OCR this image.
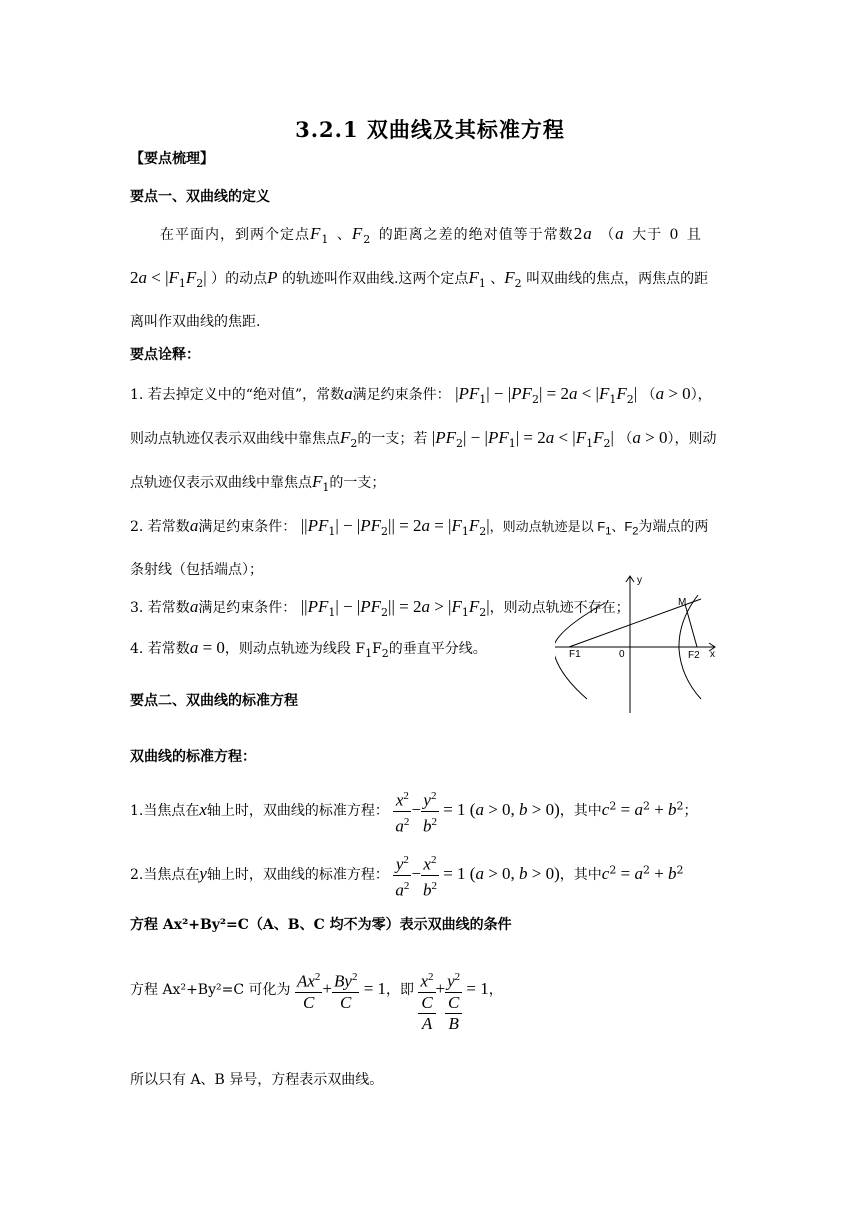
3.2.1 双曲线及其标准方程
【要点梳理】
要点一、双曲线的定义
在平面内，到两个定点$F_1$ 、$F_2$ 的距离之差的绝对值等于常数2a （a 大于 0 且
$2a < |F_1F_2|$ ）的动点P 的轨迹叫作双曲线.这两个定点$F_1$ 、$F_2$ 叫双曲线的焦点，两焦点的距
离叫作双曲线的焦距.
要点诠释：
1. 若去掉定义中的“绝对值”，常数a满足约束条件： $|PF_1| - |PF_2| = 2a < |F_1F_2|$ （a > 0），
则动点轨迹仅表示双曲线中靠焦点$F_2$的一支；若 $|PF_2| - |PF_1| = 2a < |F_1F_2|$ （a > 0），则动
点轨迹仅表示双曲线中靠焦点$F_1$的一支；
2. 若常数a满足约束条件： $||PF_1| - |PF_2|| = 2a = |F_1F_2|$，则动点轨迹是以 $F_1$、$F_2$为端点的两
条射线（包括端点）；
3. 若常数a满足约束条件： $||PF_1| - |PF_2|| = 2a > |F_1F_2|$，则动点轨迹不存在；
4. 若常数a = 0，则动点轨迹为线段 $F_1F_2$的垂直平分线。
y
x
M
F1	0	F2
要点二、双曲线的标准方程
双曲线的标准方程：
1.当焦点在x轴上时，双曲线的标准方程： $\frac{x^2}{a^2} - \frac{y^2}{b^2} = 1$ (a > 0, b > 0)，其中$c^2 = a^2 + b^2$；
2.当焦点在y轴上时，双曲线的标准方程： $\frac{y^2}{a^2} - \frac{x^2}{b^2} = 1$ (a > 0, b > 0)，其中$c^2 = a^2 + b^2$
方程 Ax²+By²=C（A、B、C 均不为零）表示双曲线的条件
方程 Ax²+By²=C 可化为 $\frac{Ax^2}{C} + \frac{By^2}{C} = 1$，即 $x^2$
C
A
+ $y^2$
C
B
= 1，
所以只有 A、B 异号，方程表示双曲线。
